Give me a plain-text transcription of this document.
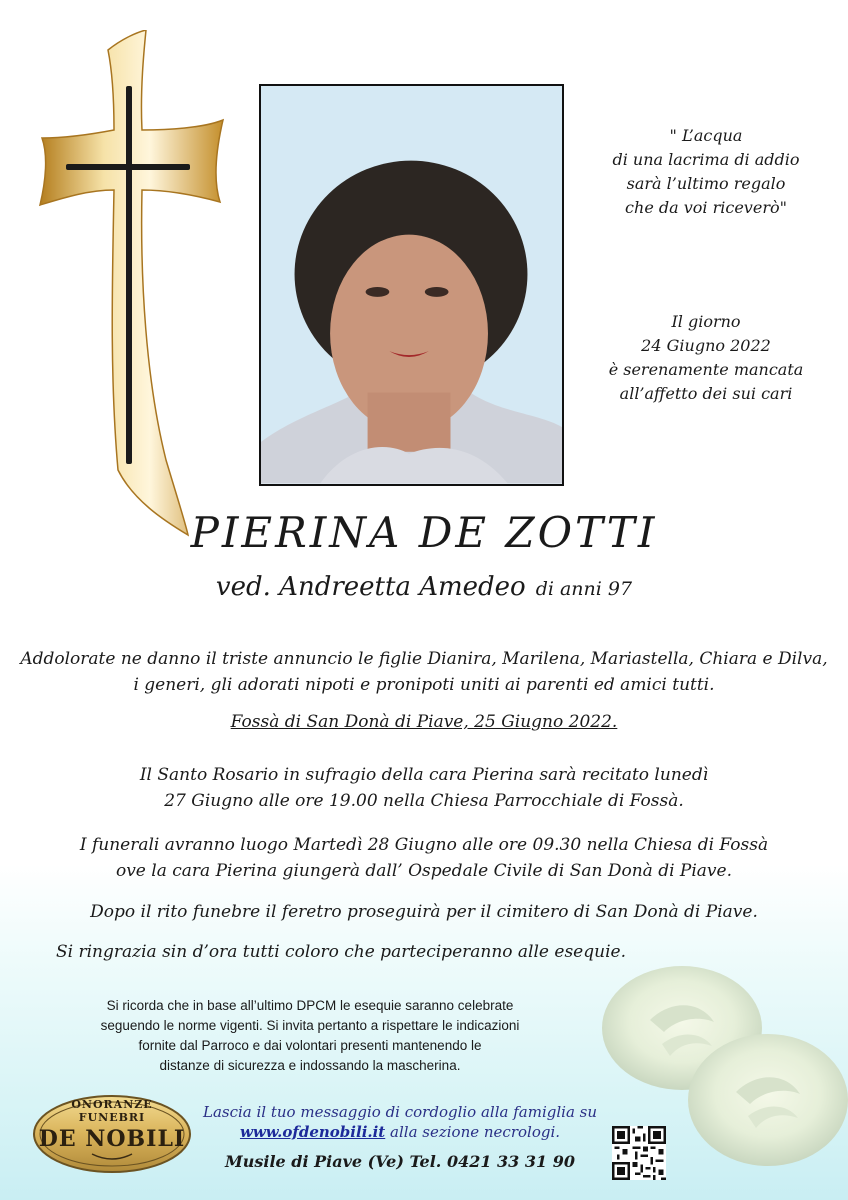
" L’acqua
di una lacrima di addio
sarà l’ultimo regalo
che da voi riceverò"
Il giorno
24 Giugno 2022
è serenamente mancata
all’affetto dei sui cari
PIERINA DE ZOTTI
ved. Andreetta Amedeo di anni 97
Addolorate ne danno il triste annuncio le figlie Dianira, Marilena, Mariastella, Chiara e Dilva,
i generi, gli adorati nipoti e pronipoti uniti ai parenti ed amici tutti.
Fossà di San Donà di Piave, 25 Giugno 2022.
Il Santo Rosario in sufragio della cara Pierina sarà recitato lunedì
27 Giugno alle ore 19.00 nella Chiesa Parrocchiale di Fossà.
I funerali avranno luogo Martedì 28 Giugno alle ore 09.30 nella Chiesa di Fossà
ove la cara Pierina giungerà dall’ Ospedale Civile di San Donà di Piave.
Dopo il rito funebre il feretro proseguirà per il cimitero di San Donà di Piave.
Si ringrazia sin d’ora tutti coloro che parteciperanno alle esequie.
Si ricorda che in base all’ultimo DPCM le esequie saranno celebrate
seguendo le norme vigenti. Si invita pertanto a rispettare le indicazioni
fornite dal Parroco e dai volontari presenti mantenendo le
distanze di sicurezza e indossando la mascherina.
ONORANZE FUNEBRI
DE NOBILI
Lascia il tuo messaggio di cordoglio alla famiglia su
www.ofdenobili.it alla sezione necrologi.
Musile di Piave (Ve) Tel. 0421 33 31 90
